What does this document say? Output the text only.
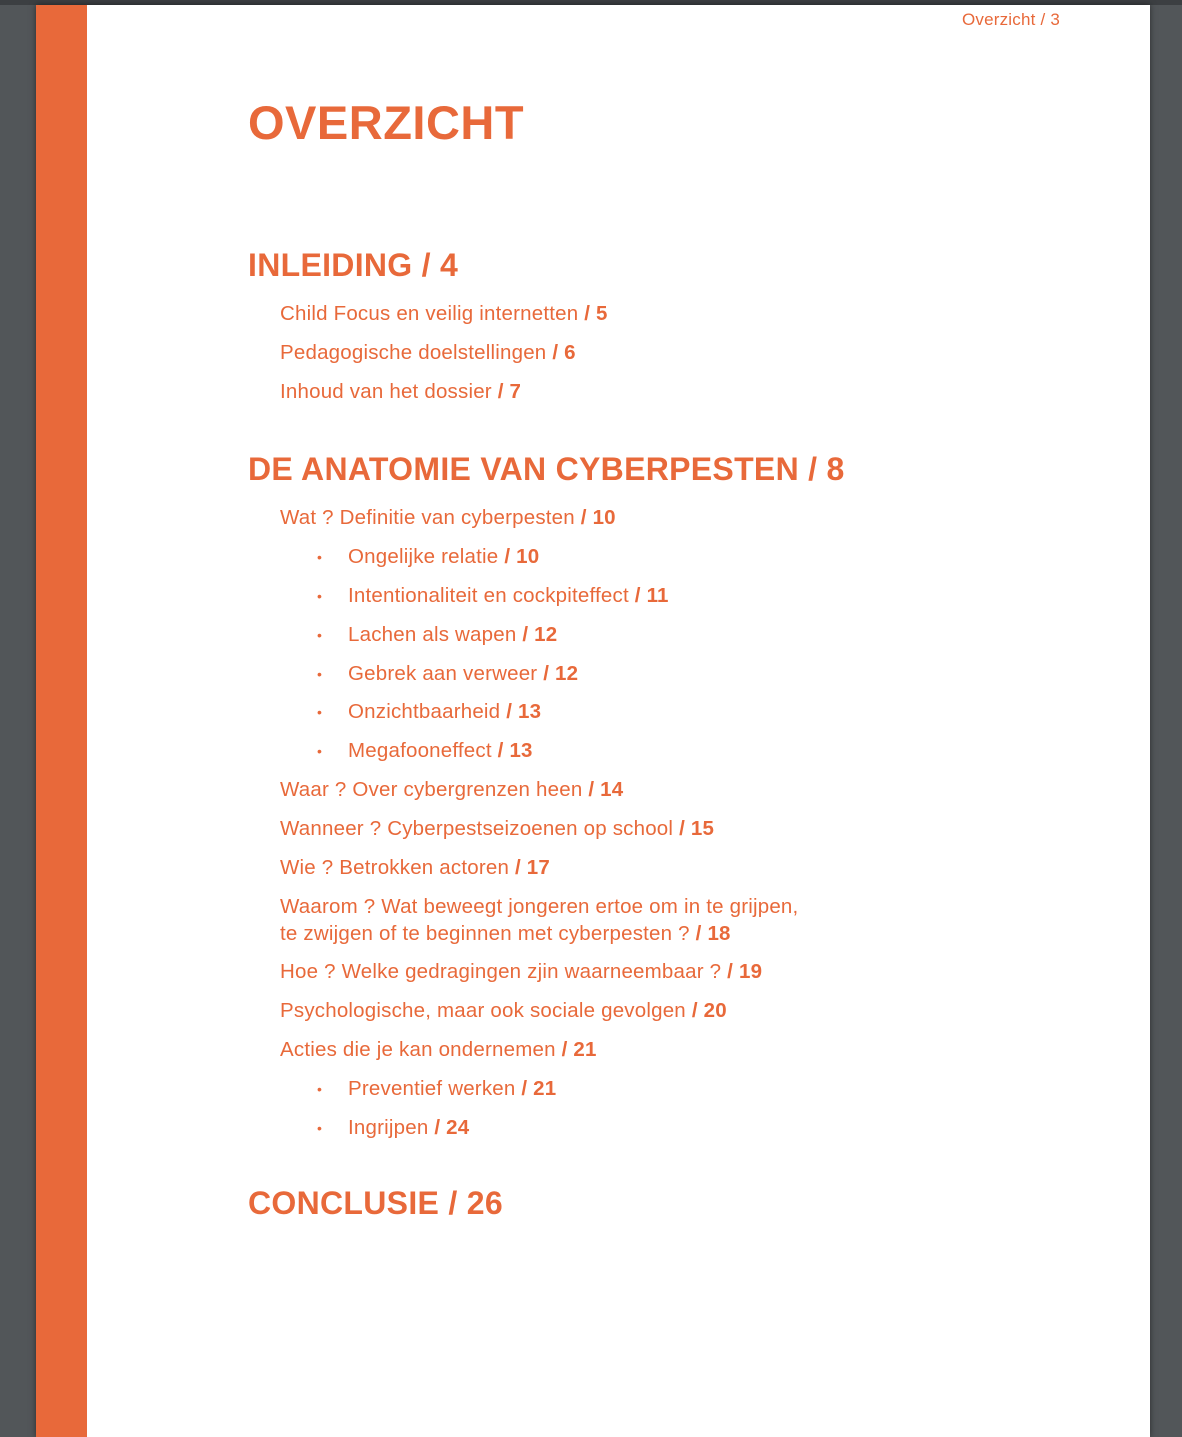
Overzicht / 3
OVERZICHT
INLEIDING / 4
Child Focus en veilig internetten / 5
Pedagogische doelstellingen / 6
Inhoud van het dossier / 7
DE ANATOMIE VAN CYBERPESTEN / 8
Wat ? Definitie van cyberpesten / 10
• Ongelijke relatie / 10
• Intentionaliteit en cockpiteffect / 11
• Lachen als wapen / 12
• Gebrek aan verweer / 12
• Onzichtbaarheid / 13
• Megafooneffect / 13
Waar ? Over cybergrenzen heen / 14
Wanneer ? Cyberpestseizoenen op school / 15
Wie ? Betrokken actoren / 17
Waarom ? Wat beweegt jongeren ertoe om in te grijpen,
te zwijgen of te beginnen met cyberpesten ? / 18
Hoe ? Welke gedragingen zjin waarneembaar ? / 19
Psychologische, maar ook sociale gevolgen / 20
Acties die je kan ondernemen / 21
• Preventief werken / 21
• Ingrijpen / 24
CONCLUSIE / 26
